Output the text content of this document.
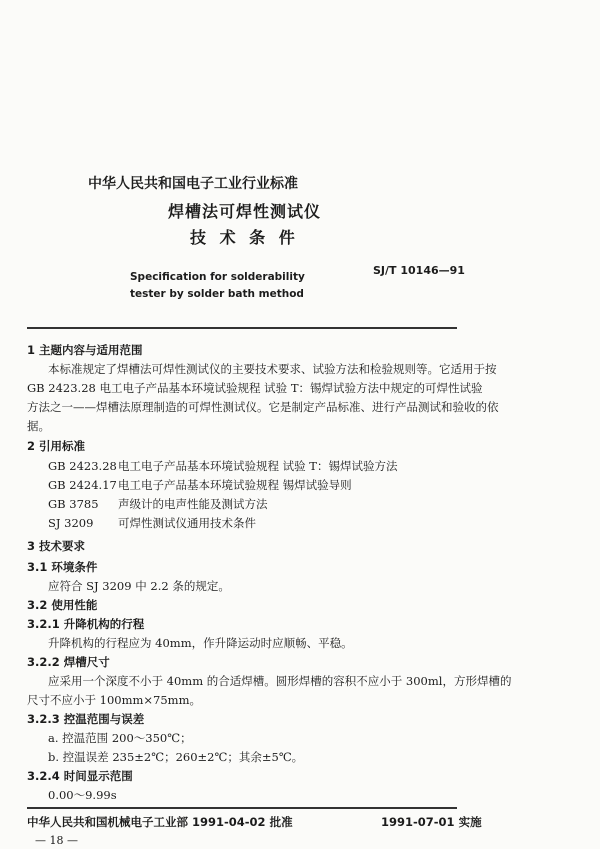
中华人民共和国电子工业行业标准
焊槽法可焊性测试仪
技 术 条 件
Specification for solderability
tester by solder bath method
SJ/T 10146—91
1 主题内容与适用范围
本标准规定了焊槽法可焊性测试仪的主要技术要求、试验方法和检验规则等。它适用于按
GB 2423.28 电工电子产品基本环境试验规程 试验 T：锡焊试验方法中规定的可焊性试验
方法之一——焊槽法原理制造的可焊性测试仪。它是制定产品标准、进行产品测试和验收的依
据。
2 引用标准
GB 2423.28电工电子产品基本环境试验规程 试验 T：锡焊试验方法
GB 2424.17电工电子产品基本环境试验规程 锡焊试验导则
GB 3785 声级计的电声性能及测试方法
SJ 3209 可焊性测试仪通用技术条件
3 技术要求
3.1 环境条件
应符合 SJ 3209 中 2.2 条的规定。
3.2 使用性能
3.2.1 升降机构的行程
升降机构的行程应为 40mm，作升降运动时应顺畅、平稳。
3.2.2 焊槽尺寸
应采用一个深度不小于 40mm 的合适焊槽。圆形焊槽的容积不应小于 300ml，方形焊槽的
尺寸不应小于 100mm×75mm。
3.2.3 控温范围与误差
a. 控温范围 200～350℃；
b. 控温误差 235±2℃；260±2℃；其余±5℃。
3.2.4 时间显示范围
0.00～9.99s
中华人民共和国机械电子工业部 1991-04-02 批准	1991-07-01 实施
— 18 —
